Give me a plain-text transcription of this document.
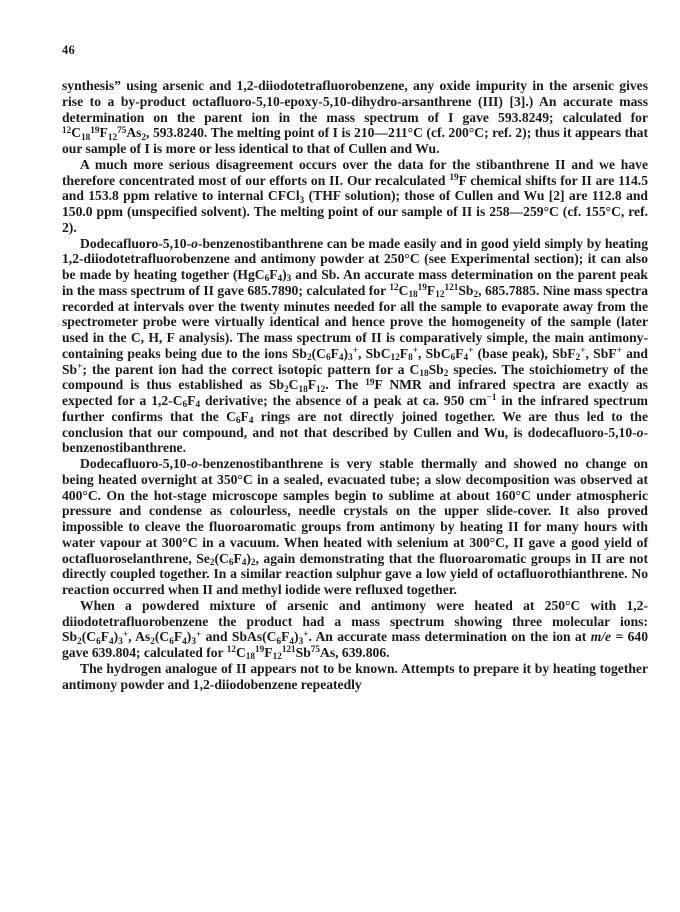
46

synthesis” using arsenic and 1,2-diiodotetrafluorobenzene, any oxide impurity in the arsenic gives rise to a by-product octafluoro-5,10-epoxy-5,10-dihydro-arsanthrene (III) [3].) An accurate mass determination on the parent ion in the mass spectrum of I gave 593.8249; calculated for $^{12}C_{18}^{19}F_{12}^{75}As_2$, 593.8240. The melting point of I is 210—211°C (cf. 200°C; ref. 2); thus it appears that our sample of I is more or less identical to that of Cullen and Wu.

A much more serious disagreement occurs over the data for the stibanthrene II and we have therefore concentrated most of our efforts on II. Our recalculated $^{19}$F chemical shifts for II are 114.5 and 153.8 ppm relative to internal CFCl$_3$ (THF solution); those of Cullen and Wu [2] are 112.8 and 150.0 ppm (unspecified solvent). The melting point of our sample of II is 258—259°C (cf. 155°C, ref. 2).

Dodecafluoro-5,10-o-benzenostibanthrene can be made easily and in good yield simply by heating 1,2-diiodotetrafluorobenzene and antimony powder at 250°C (see Experimental section); it can also be made by heating together $(HgC_6F_4)_3$ and Sb. An accurate mass determination on the parent peak in the mass spectrum of II gave 685.7890; calculated for $^{12}C_{18}^{19}F_{12}^{121}Sb_2$, 685.7885. Nine mass spectra recorded at intervals over the twenty minutes needed for all the sample to evaporate away from the spectrometer probe were virtually identical and hence prove the homogeneity of the sample (later used in the C, H, F analysis). The mass spectrum of II is comparatively simple, the main antimony-containing peaks being due to the ions $Sb_2(C_6F_4)_3^+$, $SbC_{12}F_8^+$, $SbC_6F_4^+$ (base peak), SbF$_2$+, SbF+ and Sb+; the parent ion had the correct isotopic pattern for a $C_{18}Sb_2$ species. The stoichiometry of the compound is thus established as $Sb_2C_{18}F_{12}$. The $^{19}$F NMR and infrared spectra are exactly as expected for a $1,2-C_6F_4$ derivative; the absence of a peak at ca. 950 $cm^{-1}$ in the infrared spectrum further confirms that the $C_6F_4$ rings are not directly joined together. We are thus led to the conclusion that our compound, and not that described by Cullen and Wu, is dodecafluoro-5,10-o-benzenostibanthrene.

Dodecafluoro-5,10-o-benzenostibanthrene is very stable thermally and showed no change on being heated overnight at 350°C in a sealed, evacuated tube; a slow decomposition was observed at 400°C. On the hot-stage microscope samples begin to sublime at about 160°C under atmospheric pressure and condense as colourless, needle crystals on the upper slide-cover. It also proved impossible to cleave the fluoroaromatic groups from antimony by heating II for many hours with water vapour at 300°C in a vacuum. When heated with selenium at 300°C, II gave a good yield of octafluoroselanthrene, $Se_2(C_6F_4)_2$, again demonstrating that the fluoroaromatic groups in II are not directly coupled together. In a similar reaction sulphur gave a low yield of octafluorothianthrene. No reaction occurred when II and methyl iodide were refluxed together.

When a powdered mixture of arsenic and antimony were heated at 250°C with 1,2-diiodotetrafluorobenzene the product had a mass spectrum showing three molecular ions: $Sb_2(C_6F_4)_3^+$, $As_2(C_6F_4)_3^+$ and $SbAs(C_6F_4)_3^+$. An accurate mass determination on the ion at m/e = 640 gave 639.804; calculated for $^{12}C_{18}^{19}F_{12}^{121}Sb^{75}As$, 639.806.

The hydrogen analogue of II appears not to be known. Attempts to prepare it by heating together antimony powder and 1,2-diiodobenzene repeatedly
